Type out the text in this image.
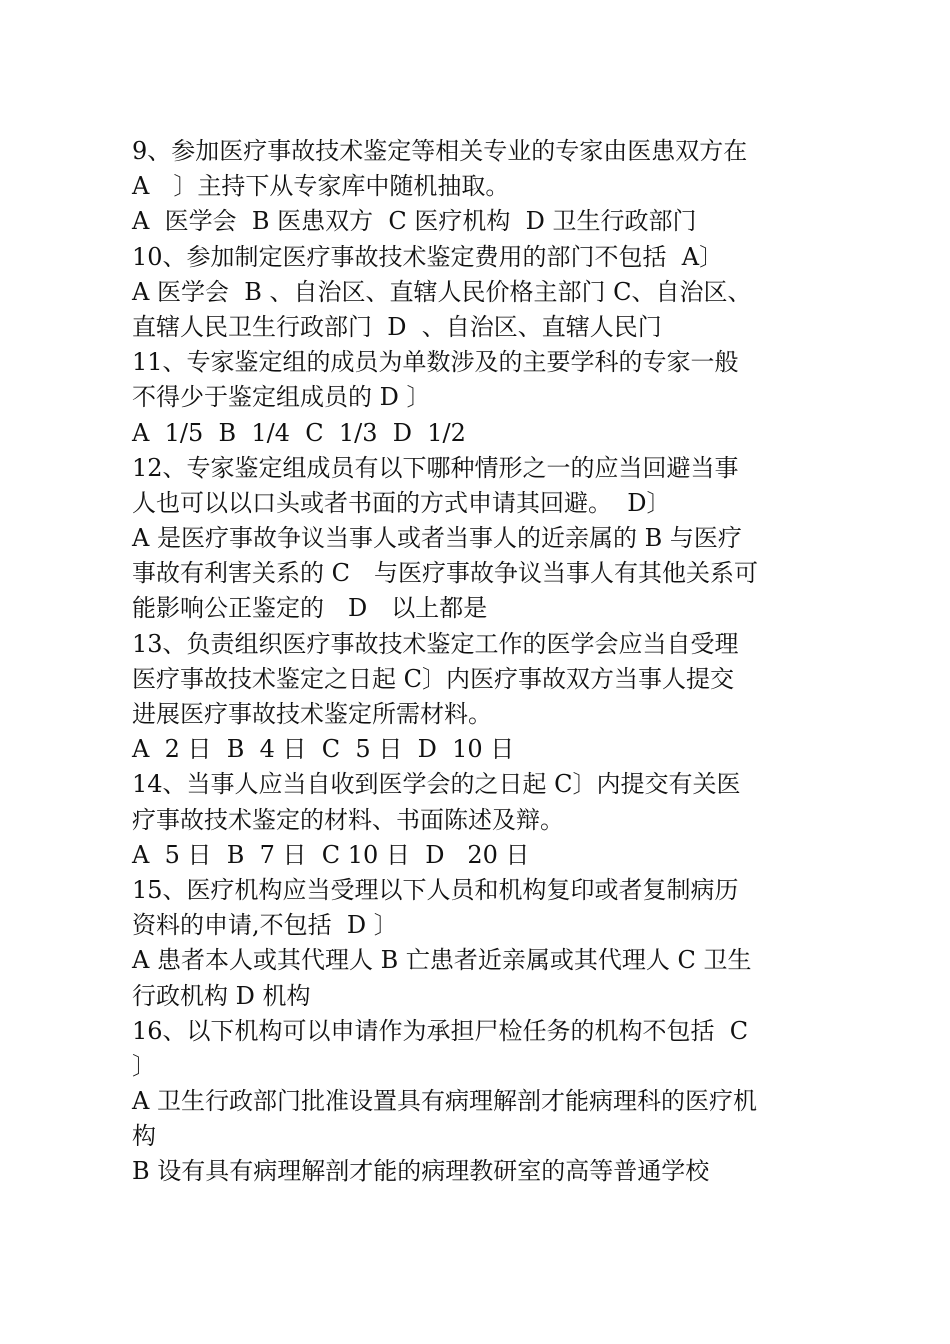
9、参加医疗事故技术鉴定等相关专业的专家由医患双方在
A　〕主持下从专家库中随机抽取。
A  医学会  B 医患双方  C 医疗机构  D 卫生行政部门
10、参加制定医疗事故技术鉴定费用的部门不包括  A〕
A 医学会  B 、自治区、直辖人民价格主部门 C、自治区、
直辖人民卫生行政部门  D  、自治区、直辖人民门
11、专家鉴定组的成员为单数涉及的主要学科的专家一般
不得少于鉴定组成员的 D 〕
A  1/5  B  1/4  C  1/3  D  1/2
12、专家鉴定组成员有以下哪种情形之一的应当回避当事
人也可以以口头或者书面的方式申请其回避。  D〕
A 是医疗事故争议当事人或者当事人的近亲属的 B 与医疗
事故有利害关系的 C　与医疗事故争议当事人有其他关系可
能影响公正鉴定的　D　以上都是
13、负责组织医疗事故技术鉴定工作的医学会应当自受理
医疗事故技术鉴定之日起 C〕内医疗事故双方当事人提交
进展医疗事故技术鉴定所需材料。
A  2 日  B  4 日  C  5 日  D  10 日
14、当事人应当自收到医学会的之日起 C〕内提交有关医
疗事故技术鉴定的材料、书面陈述及辩。
A  5 日  B  7 日  C 10 日  D   20 日
15、医疗机构应当受理以下人员和机构复印或者复制病历
资料的申请,不包括  D 〕
A 患者本人或其代理人 B 亡患者近亲属或其代理人 C 卫生
行政机构 D 机构
16、以下机构可以申请作为承担尸检任务的机构不包括  C
〕
A 卫生行政部门批准设置具有病理解剖才能病理科的医疗机
构
B 设有具有病理解剖才能的病理教研室的高等普通学校
